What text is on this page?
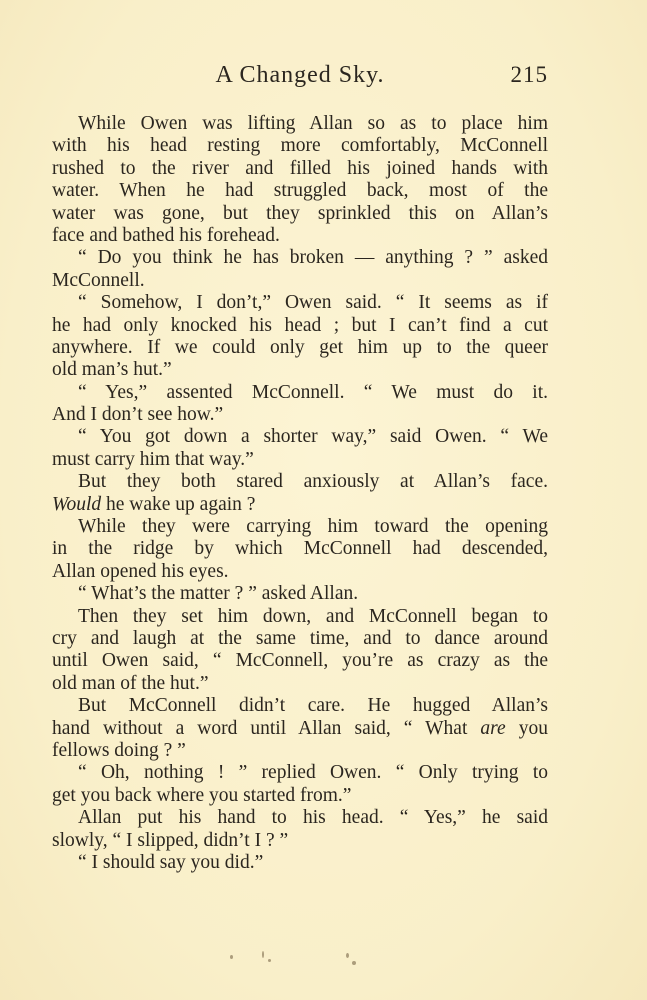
A Changed Sky.	215
While Owen was lifting Allan so as to place him
with his head resting more comfortably, McConnell
rushed to the river and filled his joined hands with
water. When he had struggled back, most of the
water was gone, but they sprinkled this on Allan’s
face and bathed his forehead.
“ Do you think he has broken — anything ? ” asked
McConnell.
“ Somehow, I don’t,” Owen said. “ It seems as if
he had only knocked his head ; but I can’t find a cut
anywhere. If we could only get him up to the queer
old man’s hut.”
“ Yes,” assented McConnell. “ We must do it.
And I don’t see how.”
“ You got down a shorter way,” said Owen. “ We
must carry him that way.”
But they both stared anxiously at Allan’s face.
Would he wake up again ?
While they were carrying him toward the opening
in the ridge by which McConnell had descended,
Allan opened his eyes.
“ What’s the matter ? ” asked Allan.
Then they set him down, and McConnell began to
cry and laugh at the same time, and to dance around
until Owen said, “ McConnell, you’re as crazy as the
old man of the hut.”
But McConnell didn’t care. He hugged Allan’s
hand without a word until Allan said, “ What are you
fellows doing ? ”
“ Oh, nothing ! ” replied Owen. “ Only trying to
get you back where you started from.”
Allan put his hand to his head. “ Yes,” he said
slowly, “ I slipped, didn’t I ? ”
“ I should say you did.”
